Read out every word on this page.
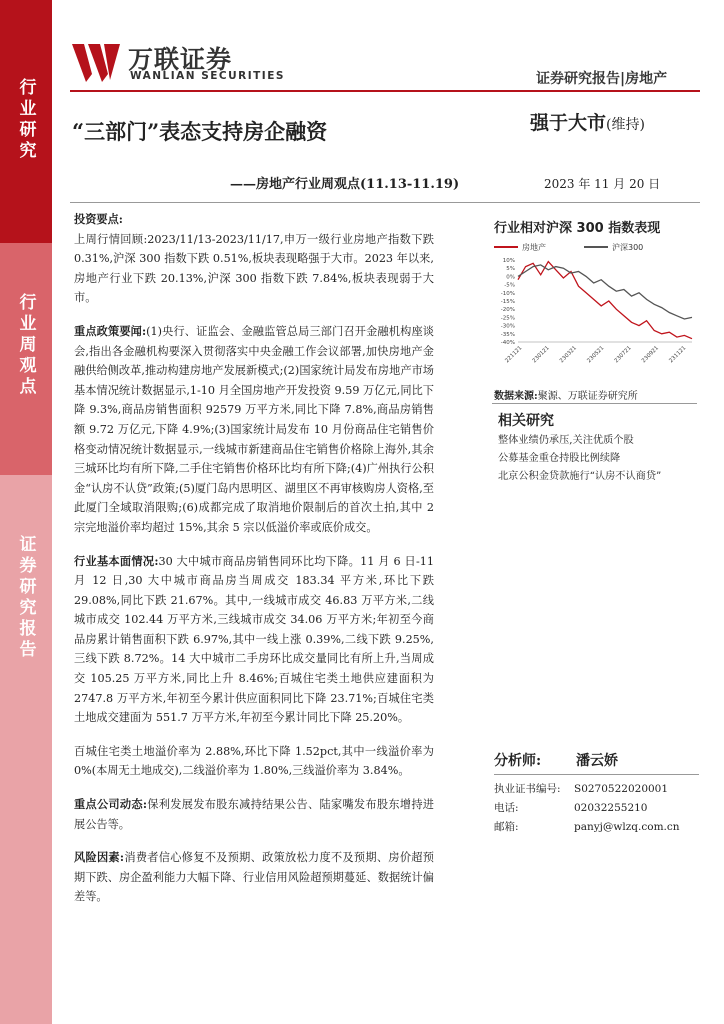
行业研究
行业周观点
证券研究报告
万联证券
WANLIAN SECURITIES	证券研究报告|房地产
“三部门”表态支持房企融资
——房地产行业周观点(11.13-11.19)
强于大市(维持)
2023 年 11 月 20 日

投资要点:
上周行情回顾:2023/11/13-2023/11/17,申万一级行业房地产指数下跌 0.31%,沪深 300 指数下跌 0.51%,板块表现略强于大市。2023 年以来,房地产行业下跌 20.13%,沪深 300 指数下跌 7.84%,板块表现弱于大市。

重点政策要闻:(1)央行、证监会、金融监管总局三部门召开金融机构座谈会,指出各金融机构要深入贯彻落实中央金融工作会议部署,加快房地产金融供给侧改革,推动构建房地产发展新模式;(2)国家统计局发布房地产市场基本情况统计数据显示,1-10 月全国房地产开发投资 9.59 万亿元,同比下降 9.3%,商品房销售面积 92579 万平方米,同比下降 7.8%,商品房销售额 9.72 万亿元,下降 4.9%;(3)国家统计局发布 10 月份商品住宅销售价格变动情况统计数据显示,一线城市新建商品住宅销售价格除上海外,其余三城环比均有所下降,二手住宅销售价格环比均有所下降;(4)广州执行公积金“认房不认贷”政策;(5)厦门岛内思明区、湖里区不再审核购房人资格,至此厦门全域取消限购;(6)成都完成了取消地价限制后的首次土拍,其中 2 宗完地溢价率均超过 15%,其余 5 宗以低溢价率或底价成交。

行业基本面情况:30 大中城市商品房销售同环比均下降。11 月 6 日-11 月 12 日,30 大中城市商品房当周成交 183.34 平方米,环比下跌 29.08%,同比下跌 21.67%。其中,一线城市成交 46.83 万平方米,二线城市成交 102.44 万平方米,三线城市成交 34.06 万平方米;年初至今商品房累计销售面积下跌 6.97%,其中一线上涨 0.39%,二线下跌 9.25%,三线下跌 8.72%。14 大中城市二手房环比成交量同比有所上升,当周成交 105.25 万平方米,同比上升 8.46%;百城住宅类土地供应建面积为 2747.8 万平方米,年初至今累计供应面积同比下降 23.71%;百城住宅类土地成交建面为 551.7 万平方米,年初至今累计同比下降 25.20%。

百城住宅类土地溢价率为 2.88%,环比下降 1.52pct,其中一线溢价率为 0%(本周无土地成交),二线溢价率为 1.80%,三线溢价率为 3.84%。

重点公司动态:保利发展发布股东减持结果公告、陆家嘴发布股东增持进展公告等。

风险因素:消费者信心修复不及预期、政策放松力度不及预期、房价超预期下跌、房企盈利能力大幅下降、行业信用风险超预期蔓延、数据统计偏差等。

行业相对沪深 300 指数表现
房地产	沪深300
10%
5%
0%
-5%
-10%
-15%
-20%
-25%
-30%
-35%
-40%
221121 230121 230321 230521 230721 230921 231121
数据来源:聚源、万联证券研究所
相关研究
整体业绩仍承压,关注优质个股
公募基金重仓持股比例续降
北京公积金贷款施行“认房不认商贷”
分析师:	潘云娇
执业证书编号:	S0270522020001
电话:	02032255210
邮箱:	panyj@wlzq.com.cn
